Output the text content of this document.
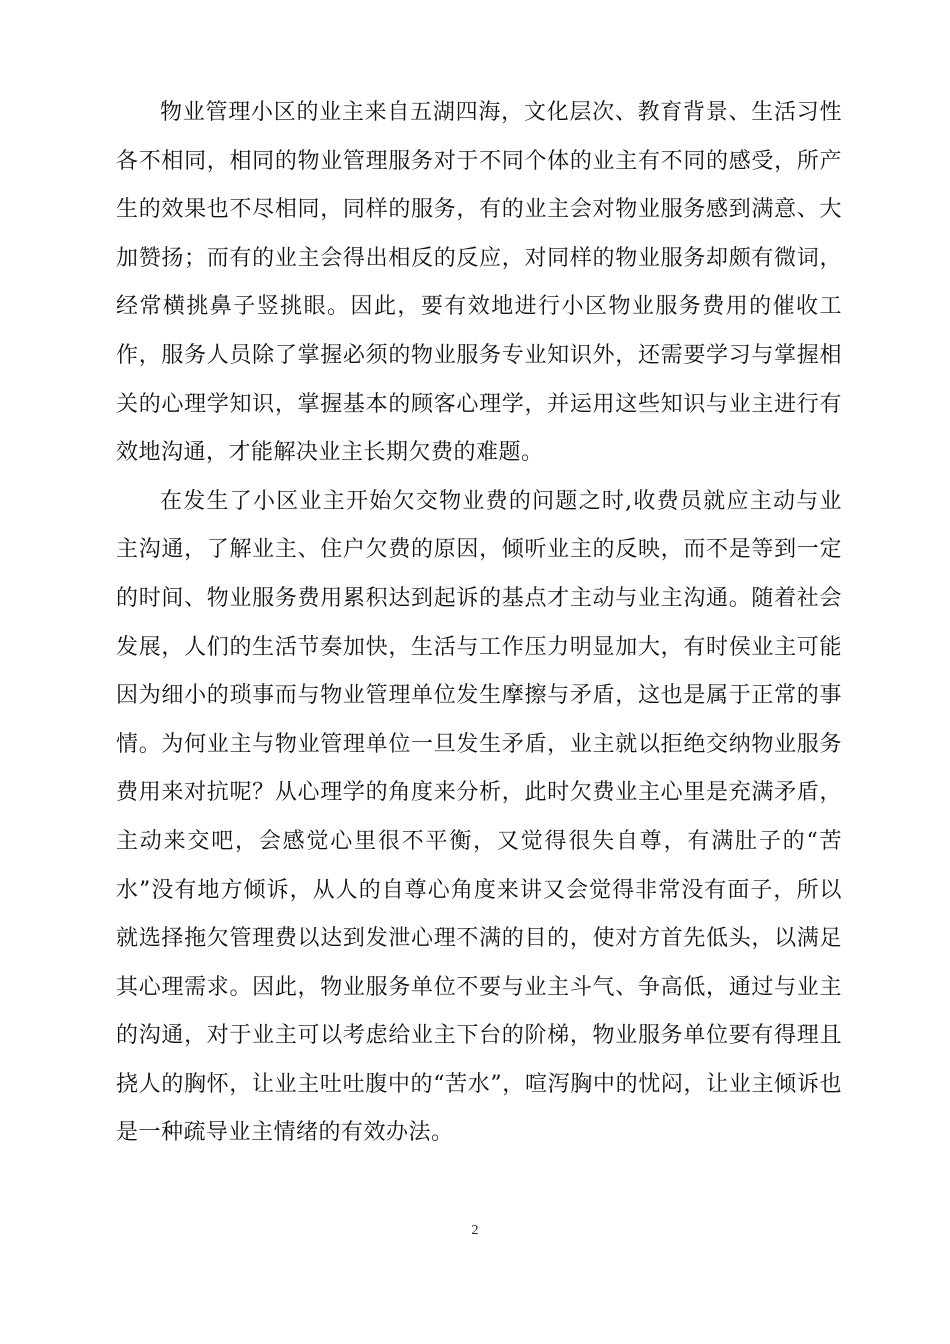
物业管理小区的业主来自五湖四海，文化层次、教育背景、生活习性各不相同，相同的物业管理服务对于不同个体的业主有不同的感受，所产生的效果也不尽相同，同样的服务，有的业主会对物业服务感到满意、大加赞扬；而有的业主会得出相反的反应，对同样的物业服务却颇有微词，经常横挑鼻子竖挑眼。因此，要有效地进行小区物业服务费用的催收工作，服务人员除了掌握必须的物业服务专业知识外，还需要学习与掌握相关的心理学知识，掌握基本的顾客心理学，并运用这些知识与业主进行有效地沟通，才能解决业主长期欠费的难题。

在发生了小区业主开始欠交物业费的问题之时,收费员就应主动与业主沟通，了解业主、住户欠费的原因，倾听业主的反映，而不是等到一定的时间、物业服务费用累积达到起诉的基点才主动与业主沟通。随着社会发展，人们的生活节奏加快，生活与工作压力明显加大，有时侯业主可能因为细小的琐事而与物业管理单位发生摩擦与矛盾，这也是属于正常的事情。为何业主与物业管理单位一旦发生矛盾，业主就以拒绝交纳物业服务费用来对抗呢？从心理学的角度来分析，此时欠费业主心里是充满矛盾，主动来交吧，会感觉心里很不平衡，又觉得很失自尊，有满肚子的“苦水”没有地方倾诉，从人的自尊心角度来讲又会觉得非常没有面子，所以就选择拖欠管理费以达到发泄心理不满的目的，使对方首先低头，以满足其心理需求。因此，物业服务单位不要与业主斗气、争高低，通过与业主的沟通，对于业主可以考虑给业主下台的阶梯，物业服务单位要有得理且挠人的胸怀，让业主吐吐腹中的“苦水”，喧泻胸中的忧闷，让业主倾诉也是一种疏导业主情绪的有效办法。

2
